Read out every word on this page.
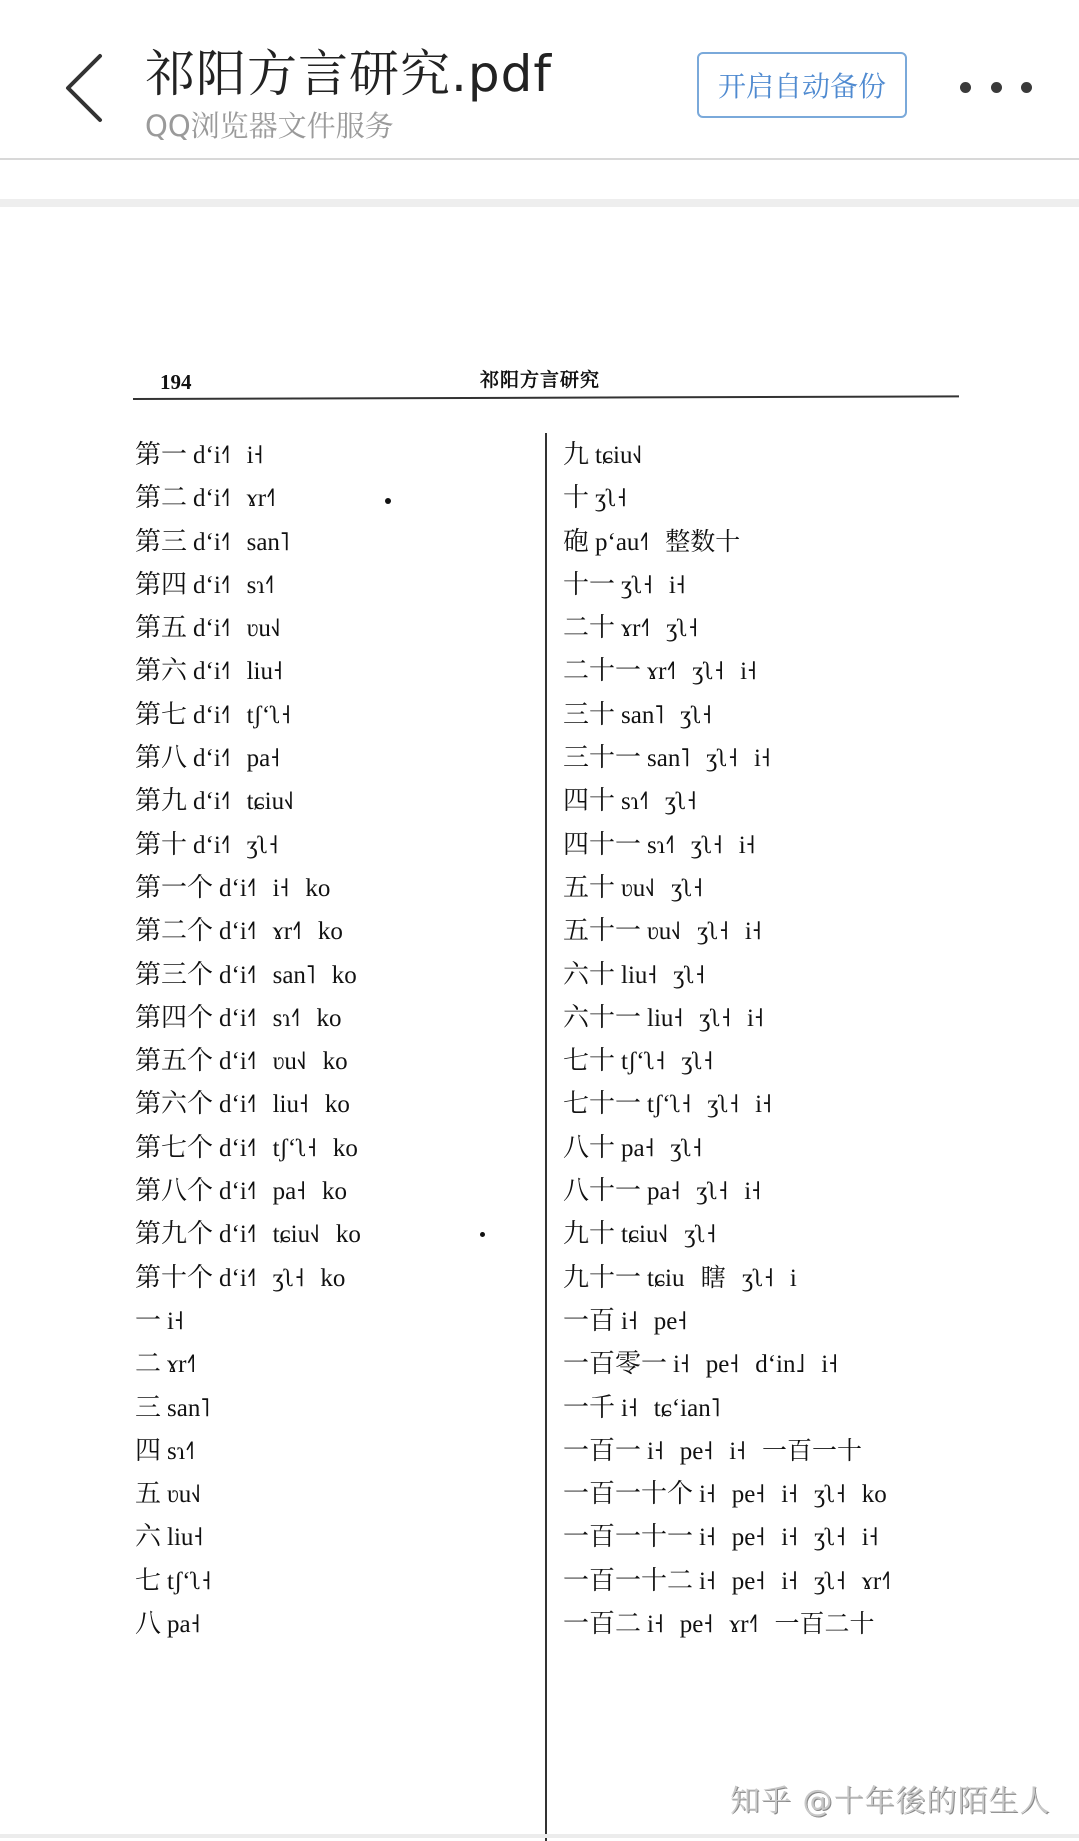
祁阳方言研究.pdf
QQ浏览器文件服务
开启自动备份
194	祁阳方言研究
第一 dʻi˧˥ i˧
第二 dʻi˧˥ ɤr˧˥
第三 dʻi˧˥ san˥
第四 dʻi˧˥ sɿ˧˥
第五 dʻi˧˥ ʋu˧˩
第六 dʻi˧˥ liu˧
第七 dʻi˧˥ tʃʻʅ˧
第八 dʻi˧˥ pa˧
第九 dʻi˧˥ tɕiu˧˩
第十 dʻi˧˥ ʒʅ˧
第一个 dʻi˧˥ i˧ ko
第二个 dʻi˧˥ ɤr˧˥ ko
第三个 dʻi˧˥ san˥ ko
第四个 dʻi˧˥ sɿ˧˥ ko
第五个 dʻi˧˥ ʋu˧˩ ko
第六个 dʻi˧˥ liu˧ ko
第七个 dʻi˧˥ tʃʻʅ˧ ko
第八个 dʻi˧˥ pa˧ ko
第九个 dʻi˧˥ tɕiu˧˩ ko
第十个 dʻi˧˥ ʒʅ˧ ko
一 i˧
二 ɤr˧˥
三 san˥
四 sɿ˧˥
五 ʋu˧˩
六 liu˧
七 tʃʻʅ˧
八 pa˧
九 tɕiu˧˩
十 ʒʅ˧
砲 pʻau˧˥ 整数十
十一 ʒʅ˧ i˧
二十 ɤr˧˥ ʒʅ˧
二十一 ɤr˧˥ ʒʅ˧ i˧
三十 san˥ ʒʅ˧
三十一 san˥ ʒʅ˧ i˧
四十 sɿ˧˥ ʒʅ˧
四十一 sɿ˧˥ ʒʅ˧ i˧
五十 ʋu˧˩ ʒʅ˧
五十一 ʋu˧˩ ʒʅ˧ i˧
六十 liu˧ ʒʅ˧
六十一 liu˧ ʒʅ˧ i˧
七十 tʃʻʅ˧ ʒʅ˧
七十一 tʃʻʅ˧ ʒʅ˧ i˧
八十 pa˧ ʒʅ˧
八十一 pa˧ ʒʅ˧ i˧
九十 tɕiu˧˩ ʒʅ˧
九十一 tɕiu 瞎 ʒʅ˧ i
一百 i˧ pe˧
一百零一 i˧ pe˧ dʻin˩ i˧
一千 i˧ tɕʻian˥
一百一 i˧ pe˧ i˧ 一百一十
一百一十个 i˧ pe˧ i˧ ʒʅ˧ ko
一百一十一 i˧ pe˧ i˧ ʒʅ˧ i˧
一百一十二 i˧ pe˧ i˧ ʒʅ˧ ɤr˧˥
一百二 i˧ pe˧ ɤr˧˥ 一百二十
知乎 @十年後的陌生人
